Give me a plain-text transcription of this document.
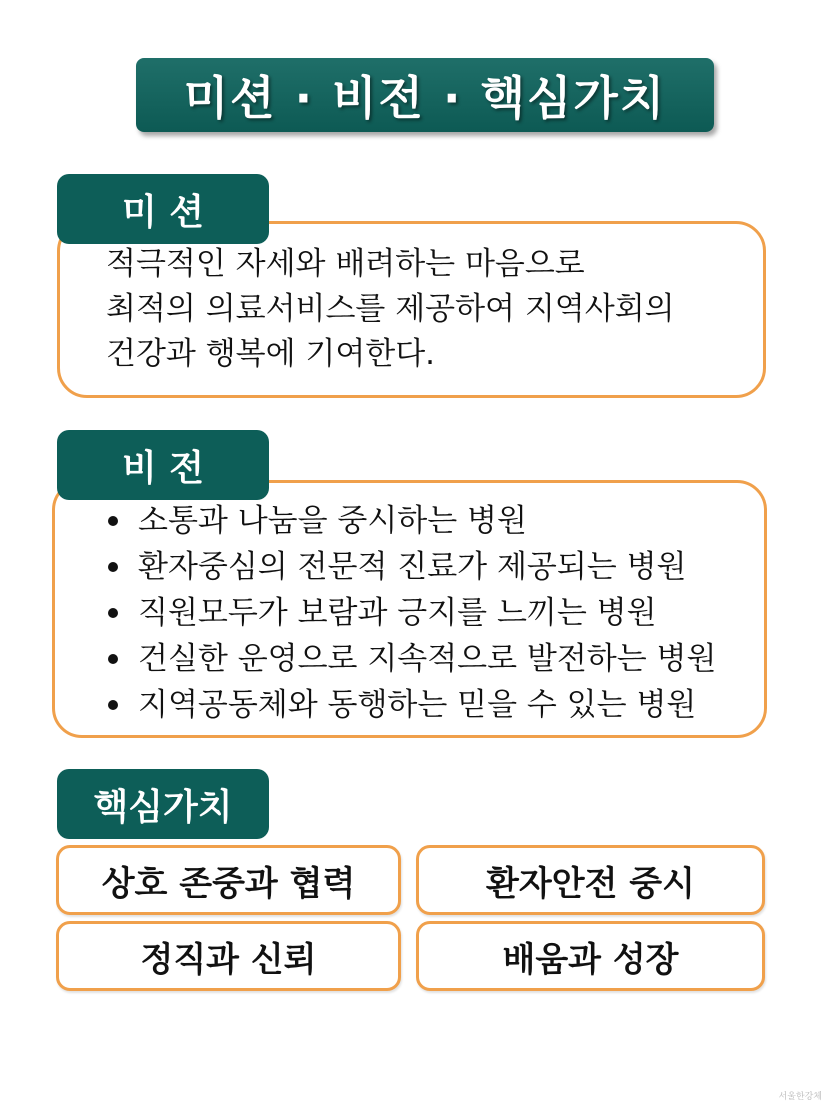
미션 · 비전 · 핵심가치
미 션
적극적인 자세와 배려하는 마음으로
최적의 의료서비스를 제공하여 지역사회의
건강과 행복에 기여한다.
비 전
소통과 나눔을 중시하는 병원
환자중심의 전문적 진료가 제공되는 병원
직원모두가 보람과 긍지를 느끼는 병원
건실한 운영으로 지속적으로 발전하는 병원
지역공동체와 동행하는 믿을 수 있는 병원
핵심가치
상호 존중과 협력	환자안전 중시
정직과 신뢰	배움과 성장
서울한강체
